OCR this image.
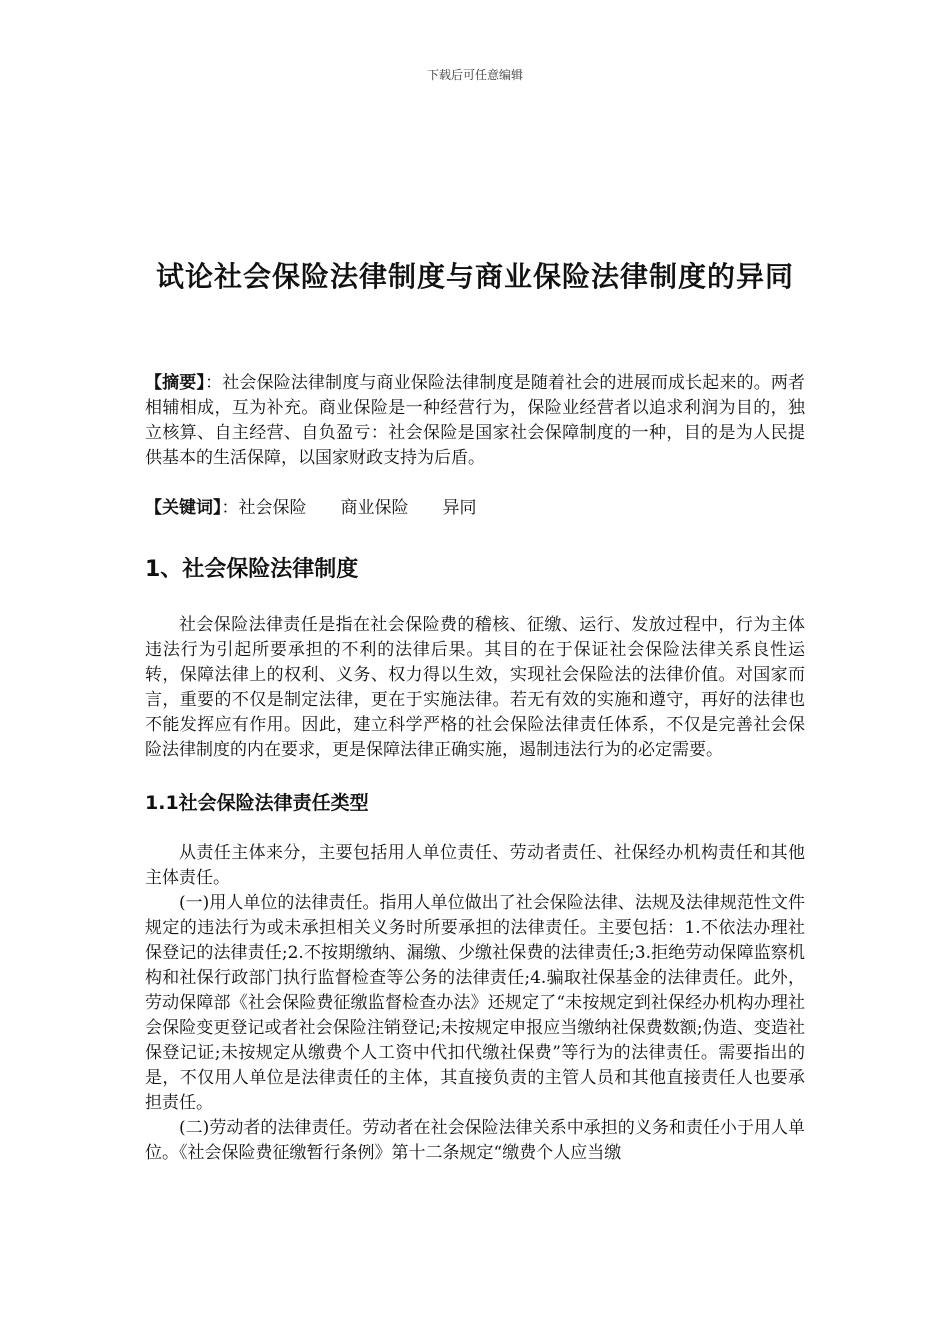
下载后可任意编辑
试论社会保险法律制度与商业保险法律制度的异同

【摘要】：社会保险法律制度与商业保险法律制度是随着社会的进展而成长起来的。两者相辅相成，互为补充。商业保险是一种经营行为，保险业经营者以追求利润为目的，独立核算、自主经营、自负盈亏：社会保险是国家社会保障制度的一种，目的是为人民提供基本的生活保障，以国家财政支持为后盾。

【关键词】：社会保险 商业保险 异同
1、社会保险法律制度

社会保险法律责任是指在社会保险费的稽核、征缴、运行、发放过程中，行为主体违法行为引起所要承担的不利的法律后果。其目的在于保证社会保险法律关系良性运转，保障法律上的权利、义务、权力得以生效，实现社会保险法的法律价值。对国家而言，重要的不仅是制定法律，更在于实施法律。若无有效的实施和遵守，再好的法律也不能发挥应有作用。因此，建立科学严格的社会保险法律责任体系，不仅是完善社会保险法律制度的内在要求，更是保障法律正确实施，遏制违法行为的必定需要。

1.1社会保险法律责任类型

从责任主体来分，主要包括用人单位责任、劳动者责任、社保经办机构责任和其他主体责任。

(一)用人单位的法律责任。指用人单位做出了社会保险法律、法规及法律规范性文件规定的违法行为或未承担相关义务时所要承担的法律责任。主要包括：1.不依法办理社保登记的法律责任;2.不按期缴纳、漏缴、少缴社保费的法律责任;3.拒绝劳动保障监察机构和社保行政部门执行监督检查等公务的法律责任;4.骗取社保基金的法律责任。此外，劳动保障部《社会保险费征缴监督检查办法》还规定了“未按规定到社保经办机构办理社会保险变更登记或者社会保险注销登记;未按规定申报应当缴纳社保费数额;伪造、变造社保登记证;未按规定从缴费个人工资中代扣代缴社保费”等行为的法律责任。需要指出的是，不仅用人单位是法律责任的主体，其直接负责的主管人员和其他直接责任人也要承担责任。

(二)劳动者的法律责任。劳动者在社会保险法律关系中承担的义务和责任小于用人单位。《社会保险费征缴暂行条例》第十二条规定“缴费个人应当缴
